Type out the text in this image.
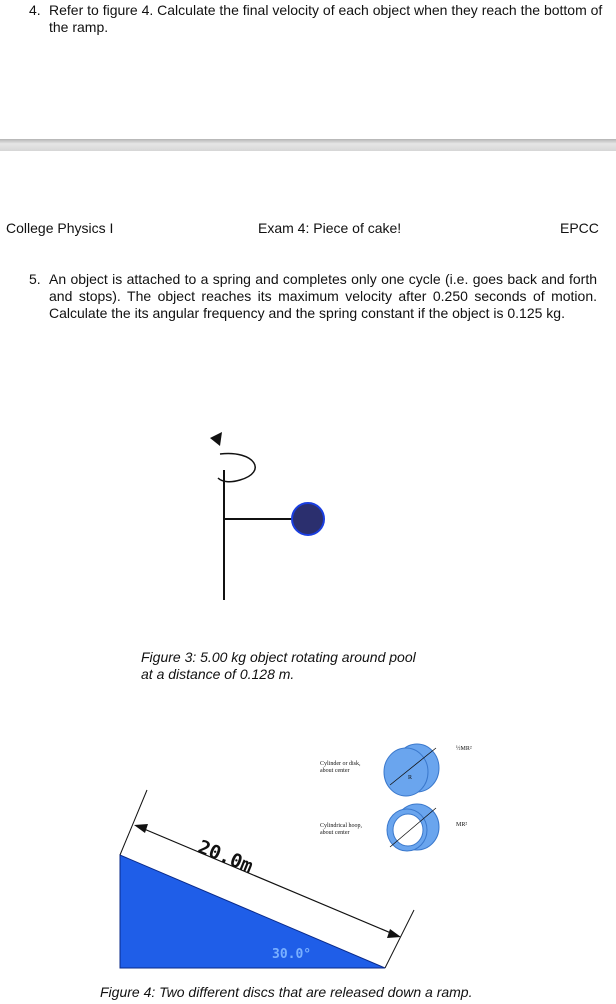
4. Refer to figure 4. Calculate the final velocity of each object when they reach the bottom of the ramp.
College Physics I	Exam 4: Piece of cake!	EPCC
5. An object is attached to a spring and completes only one cycle (i.e. goes back and forth and stops). The object reaches its maximum velocity after 0.250 seconds of motion. Calculate the its angular frequency and the spring constant if the object is 0.125 kg.
Figure 3: 5.00 kg object rotating around pool
at a distance of 0.128 m.
Cylinder or disk,
about center
½MR²
Cylindrical hoop,
about center
MR²
R
20.0m
30.0°
Figure 4: Two different discs that are released down a ramp.
